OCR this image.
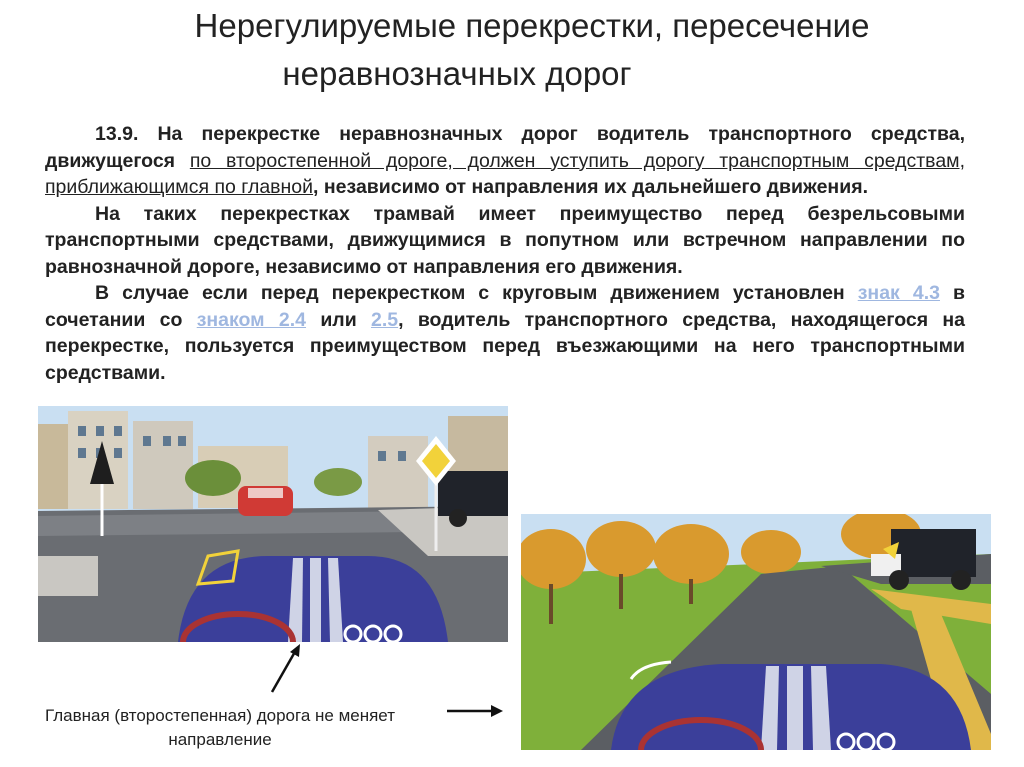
Нерегулируемые перекрестки, пересечение
неравнозначных дорог

13.9. На перекрестке неравнозначных дорог водитель транспортного средства, движущегося по второстепенной дороге, должен уступить дорогу транспортным средствам, приближающимся по главной, независимо от направления их дальнейшего движения.

На таких перекрестках трамвай имеет преимущество перед безрельсовыми транспортными средствами, движущимися в попутном или встречном направлении по равнозначной дороге, независимо от направления его движения.

В случае если перед перекрестком с круговым движением установлен знак 4.3 в сочетании со знаком 2.4 или 2.5, водитель транспортного средства, находящегося на перекрестке, пользуется преимуществом перед въезжающими на него транспортными средствами.

Главная (второстепенная) дорога не меняет направление
